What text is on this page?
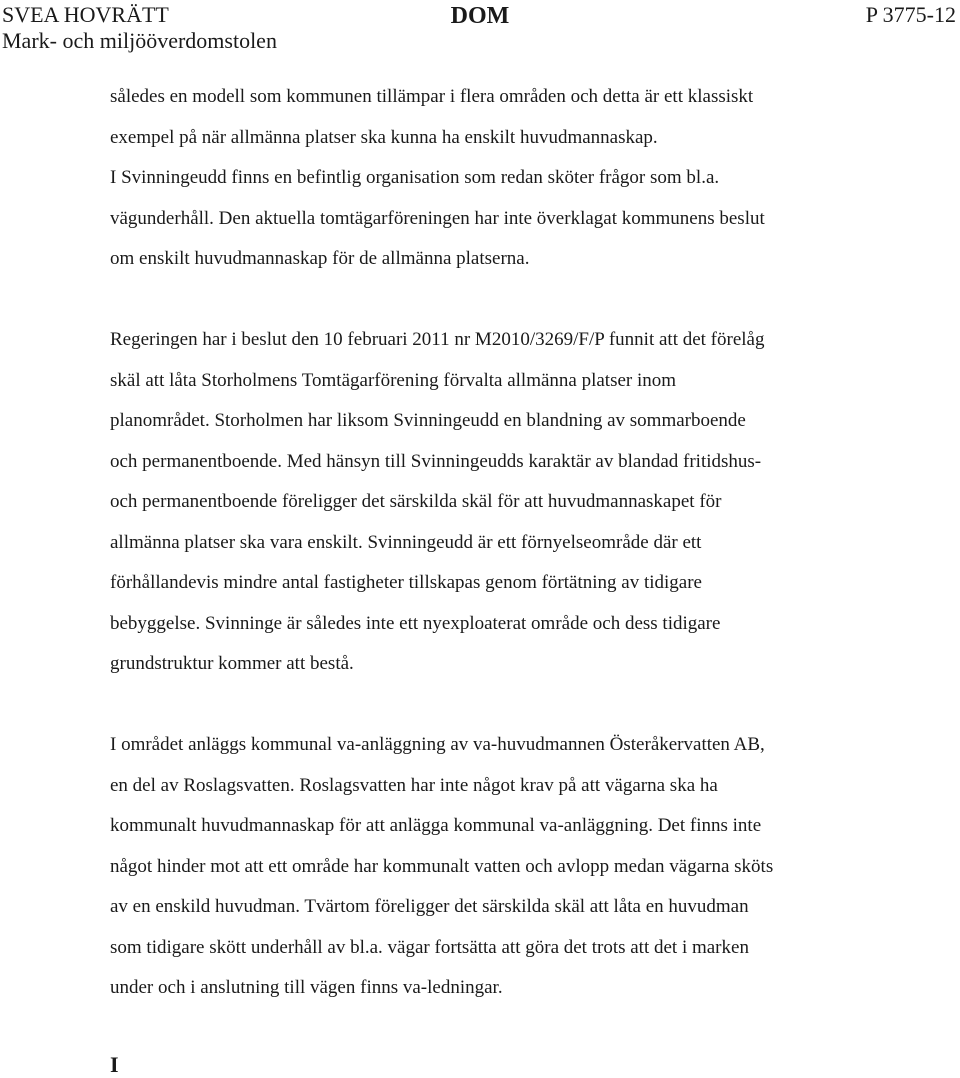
SVEA HOVRÄTT
Mark- och miljööverdomstolen
DOM	P 3775-12

således en modell som kommunen tillämpar i flera områden och detta är ett klassiskt
exempel på när allmänna platser ska kunna ha enskilt huvudmannaskap.
I Svinningeudd finns en befintlig organisation som redan sköter frågor som bl.a.
vägunderhåll. Den aktuella tomtägarföreningen har inte överklagat kommunens beslut
om enskilt huvudmannaskap för de allmänna platserna.

Regeringen har i beslut den 10 februari 2011 nr M2010/3269/F/P funnit att det förelåg
skäl att låta Storholmens Tomtägarförening förvalta allmänna platser inom
planområdet. Storholmen har liksom Svinningeudd en blandning av sommarboende
och permanentboende. Med hänsyn till Svinningeudds karaktär av blandad fritidshus-
och permanentboende föreligger det särskilda skäl för att huvudmannaskapet för
allmänna platser ska vara enskilt. Svinningeudd är ett förnyelseområde där ett
förhållandevis mindre antal fastigheter tillskapas genom förtätning av tidigare
bebyggelse. Svinninge är således inte ett nyexploaterat område och dess tidigare
grundstruktur kommer att bestå.

I området anläggs kommunal va-anläggning av va-huvudmannen Österåkervatten AB,
en del av Roslagsvatten. Roslagsvatten har inte något krav på att vägarna ska ha
kommunalt huvudmannaskap för att anlägga kommunal va-anläggning. Det finns inte
något hinder mot att ett område har kommunalt vatten och avlopp medan vägarna sköts
av en enskild huvudman. Tvärtom föreligger det särskilda skäl att låta en huvudman
som tidigare skött underhåll av bl.a. vägar fortsätta att göra det trots att det i marken
under och i anslutning till vägen finns va-ledningar.

I
